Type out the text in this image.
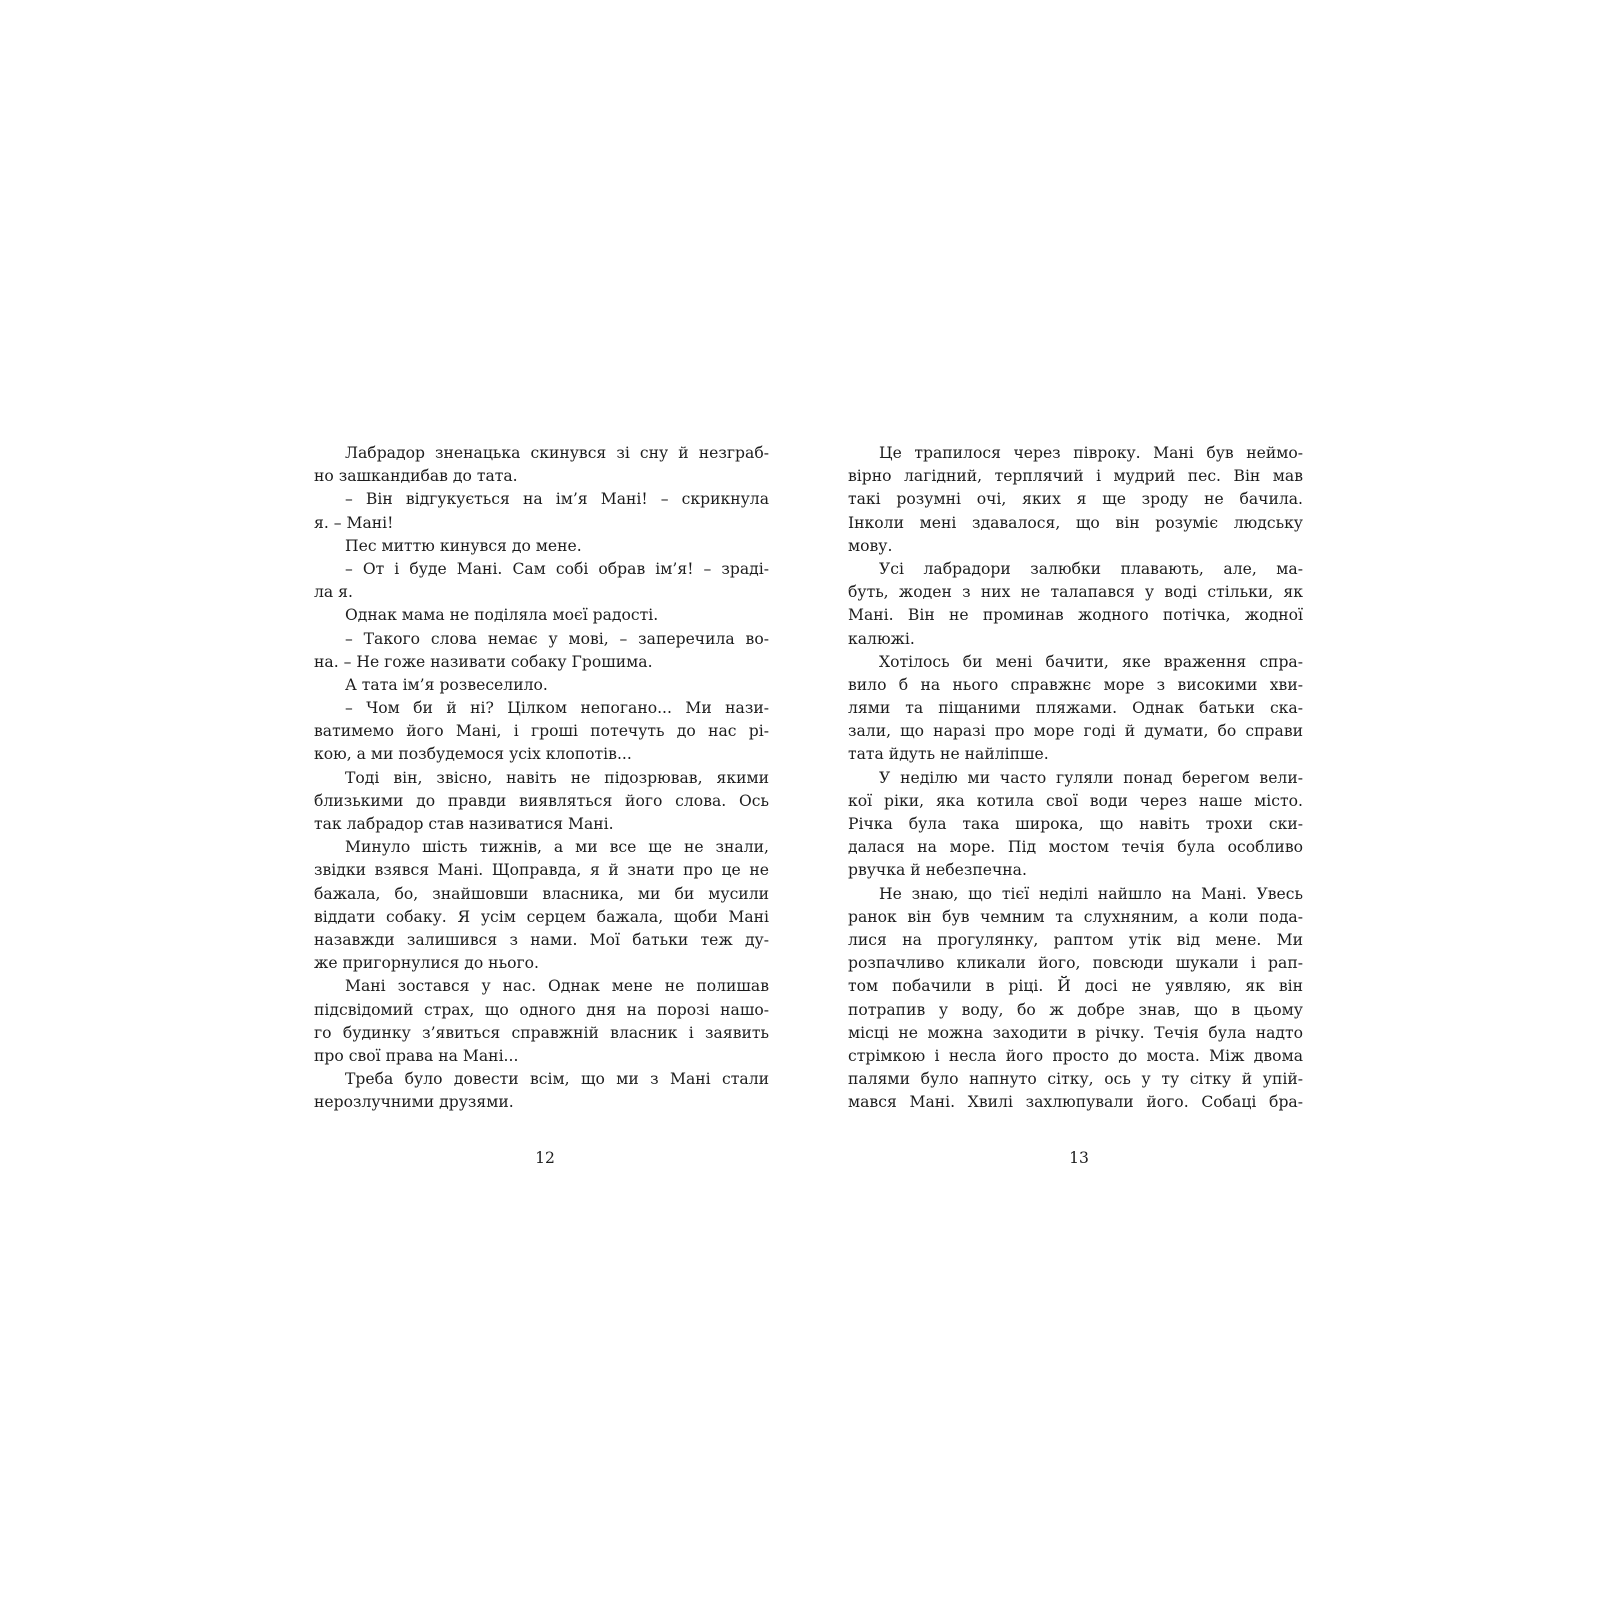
Лабрадор зненацька скинувся зі сну й незграб-
но зашкандибав до тата.
– Він відгукується на ім’я Мані! – скрикнула
я. – Мані!
Пес миттю кинувся до мене.
– От і буде Мані. Сам собі обрав ім’я! – зраді-
ла я.
Однак мама не поділяла моєї радості.
– Такого слова немає у мові, – заперечила во-
на. – Не гоже називати собаку Грошима.
А тата ім’я розвеселило.
– Чом би й ні? Цілком непогано... Ми нази-
ватимемо його Мані, і гроші потечуть до нас рі-
кою, а ми позбудемося усіх клопотів...
Тоді він, звісно, навіть не підозрював, якими
близькими до правди виявляться його слова. Ось
так лабрадор став називатися Мані.
Минуло шість тижнів, а ми все ще не знали,
звідки взявся Мані. Щоправда, я й знати про це не
бажала, бо, знайшовши власника, ми би мусили
віддати собаку. Я усім серцем бажала, щоби Мані
назавжди залишився з нами. Мої батьки теж ду-
же пригорнулися до нього.
Мані зостався у нас. Однак мене не полишав
підсвідомий страх, що одного дня на порозі нашо-
го будинку з’явиться справжній власник і заявить
про свої права на Мані...
Треба було довести всім, що ми з Мані стали
нерозлучними друзями.
Це трапилося через півроку. Мані був неймо-
вірно лагідний, терплячий і мудрий пес. Він мав
такі розумні очі, яких я ще зроду не бачила.
Інколи мені здавалося, що він розуміє людську
мову.
Усі лабрадори залюбки плавають, але, ма-
буть, жоден з них не талапався у воді стільки, як
Мані. Він не проминав жодного потічка, жодної
калюжі.
Хотілось би мені бачити, яке враження спра-
вило б на нього справжнє море з високими хви-
лями та піщаними пляжами. Однак батьки ска-
зали, що наразі про море годі й думати, бо справи
тата йдуть не найліпше.
У неділю ми часто гуляли понад берегом вели-
кої ріки, яка котила свої води через наше місто.
Річка була така широка, що навіть трохи ски-
далася на море. Під мостом течія була особливо
рвучка й небезпечна.
Не знаю, що тієї неділі найшло на Мані. Увесь
ранок він був чемним та слухняним, а коли пода-
лися на прогулянку, раптом утік від мене. Ми
розпачливо кликали його, повсюди шукали і рап-
том побачили в ріці. Й досі не уявляю, як він
потрапив у воду, бо ж добре знав, що в цьому
місці не можна заходити в річку. Течія була надто
стрімкою і несла його просто до моста. Між двома
палями було напнуто сітку, ось у ту сітку й упій-
мався Мані. Хвилі захлюпували його. Собаці бра-
12	13
